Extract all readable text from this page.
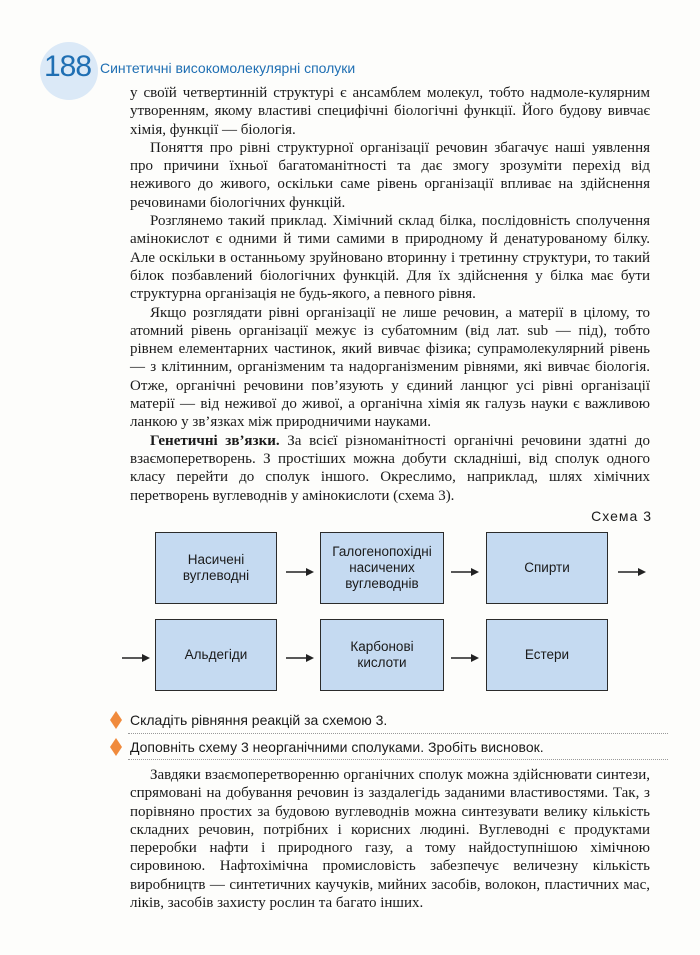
188 Синтетичні високомолекулярні сполуки

у своїй четвертинній структурі є ансамблем молекул, тобто надмоле-кулярним утворенням, якому властиві специфічні біологічні функції. Його будову вивчає хімія, функції — біологія.

Поняття про рівні структурної організації речовин збагачує наші уявлення про причини їхньої багатоманітності та дає змогу зрозуміти перехід від неживого до живого, оскільки саме рівень організації впливає на здійснення речовинами біологічних функцій.

Розглянемо такий приклад. Хімічний склад білка, послідовність сполучення амінокислот є одними й тими самими в природному й денатурованому білку. Але оскільки в останньому зруйновано вторинну і третинну структури, то такий білок позбавлений біологічних функцій. Для їх здійснення у білка має бути структурна організація не будь-якого, а певного рівня.

Якщо розглядати рівні організації не лише речовин, а матерії в цілому, то атомний рівень організації межує із субатомним (від лат. sub — під), тобто рівнем елементарних частинок, який вивчає фізика; супрамолекулярний рівень — з клітинним, організменим та надорганізменим рівнями, які вивчає біологія. Отже, органічні речовини пов’язують у єдиний ланцюг усі рівні організації матерії — від неживої до живої, а органічна хімія як галузь науки є важливою ланкою у зв’язках між природничими науками.

Генетичні зв’язки. За всієї різноманітності органічні речовини здатні до взаємоперетворень. З простіших можна добути складніші, від сполук одного класу перейти до сполук іншого. Окреслимо, наприклад, шлях хімічних перетворень вуглеводнів у амінокислоти (схема 3).

Схема 3
Насичені
вуглеводні
Галогенопохідні
насичених
вуглеводнів
Спирти
Альдегіди
Карбонові
кислоти
Естери
Складіть рівняння реакцій за схемою 3.
Доповніть схему 3 неорганічними сполуками. Зробіть висновок.

Завдяки взаємоперетворенню органічних сполук можна здійснювати синтези, спрямовані на добування речовин із заздалегідь заданими властивостями. Так, з порівняно простих за будовою вуглеводнів можна синтезувати велику кількість складних речовин, потрібних і корисних людині. Вуглеводні є продуктами переробки нафти і природного газу, а тому найдоступнішою хімічною сировиною. Нафтохімічна промисловість забезпечує величезну кількість виробництв — синтетичних каучуків, мийних засобів, волокон, пластичних мас, ліків, засобів захисту рослин та багато інших.
